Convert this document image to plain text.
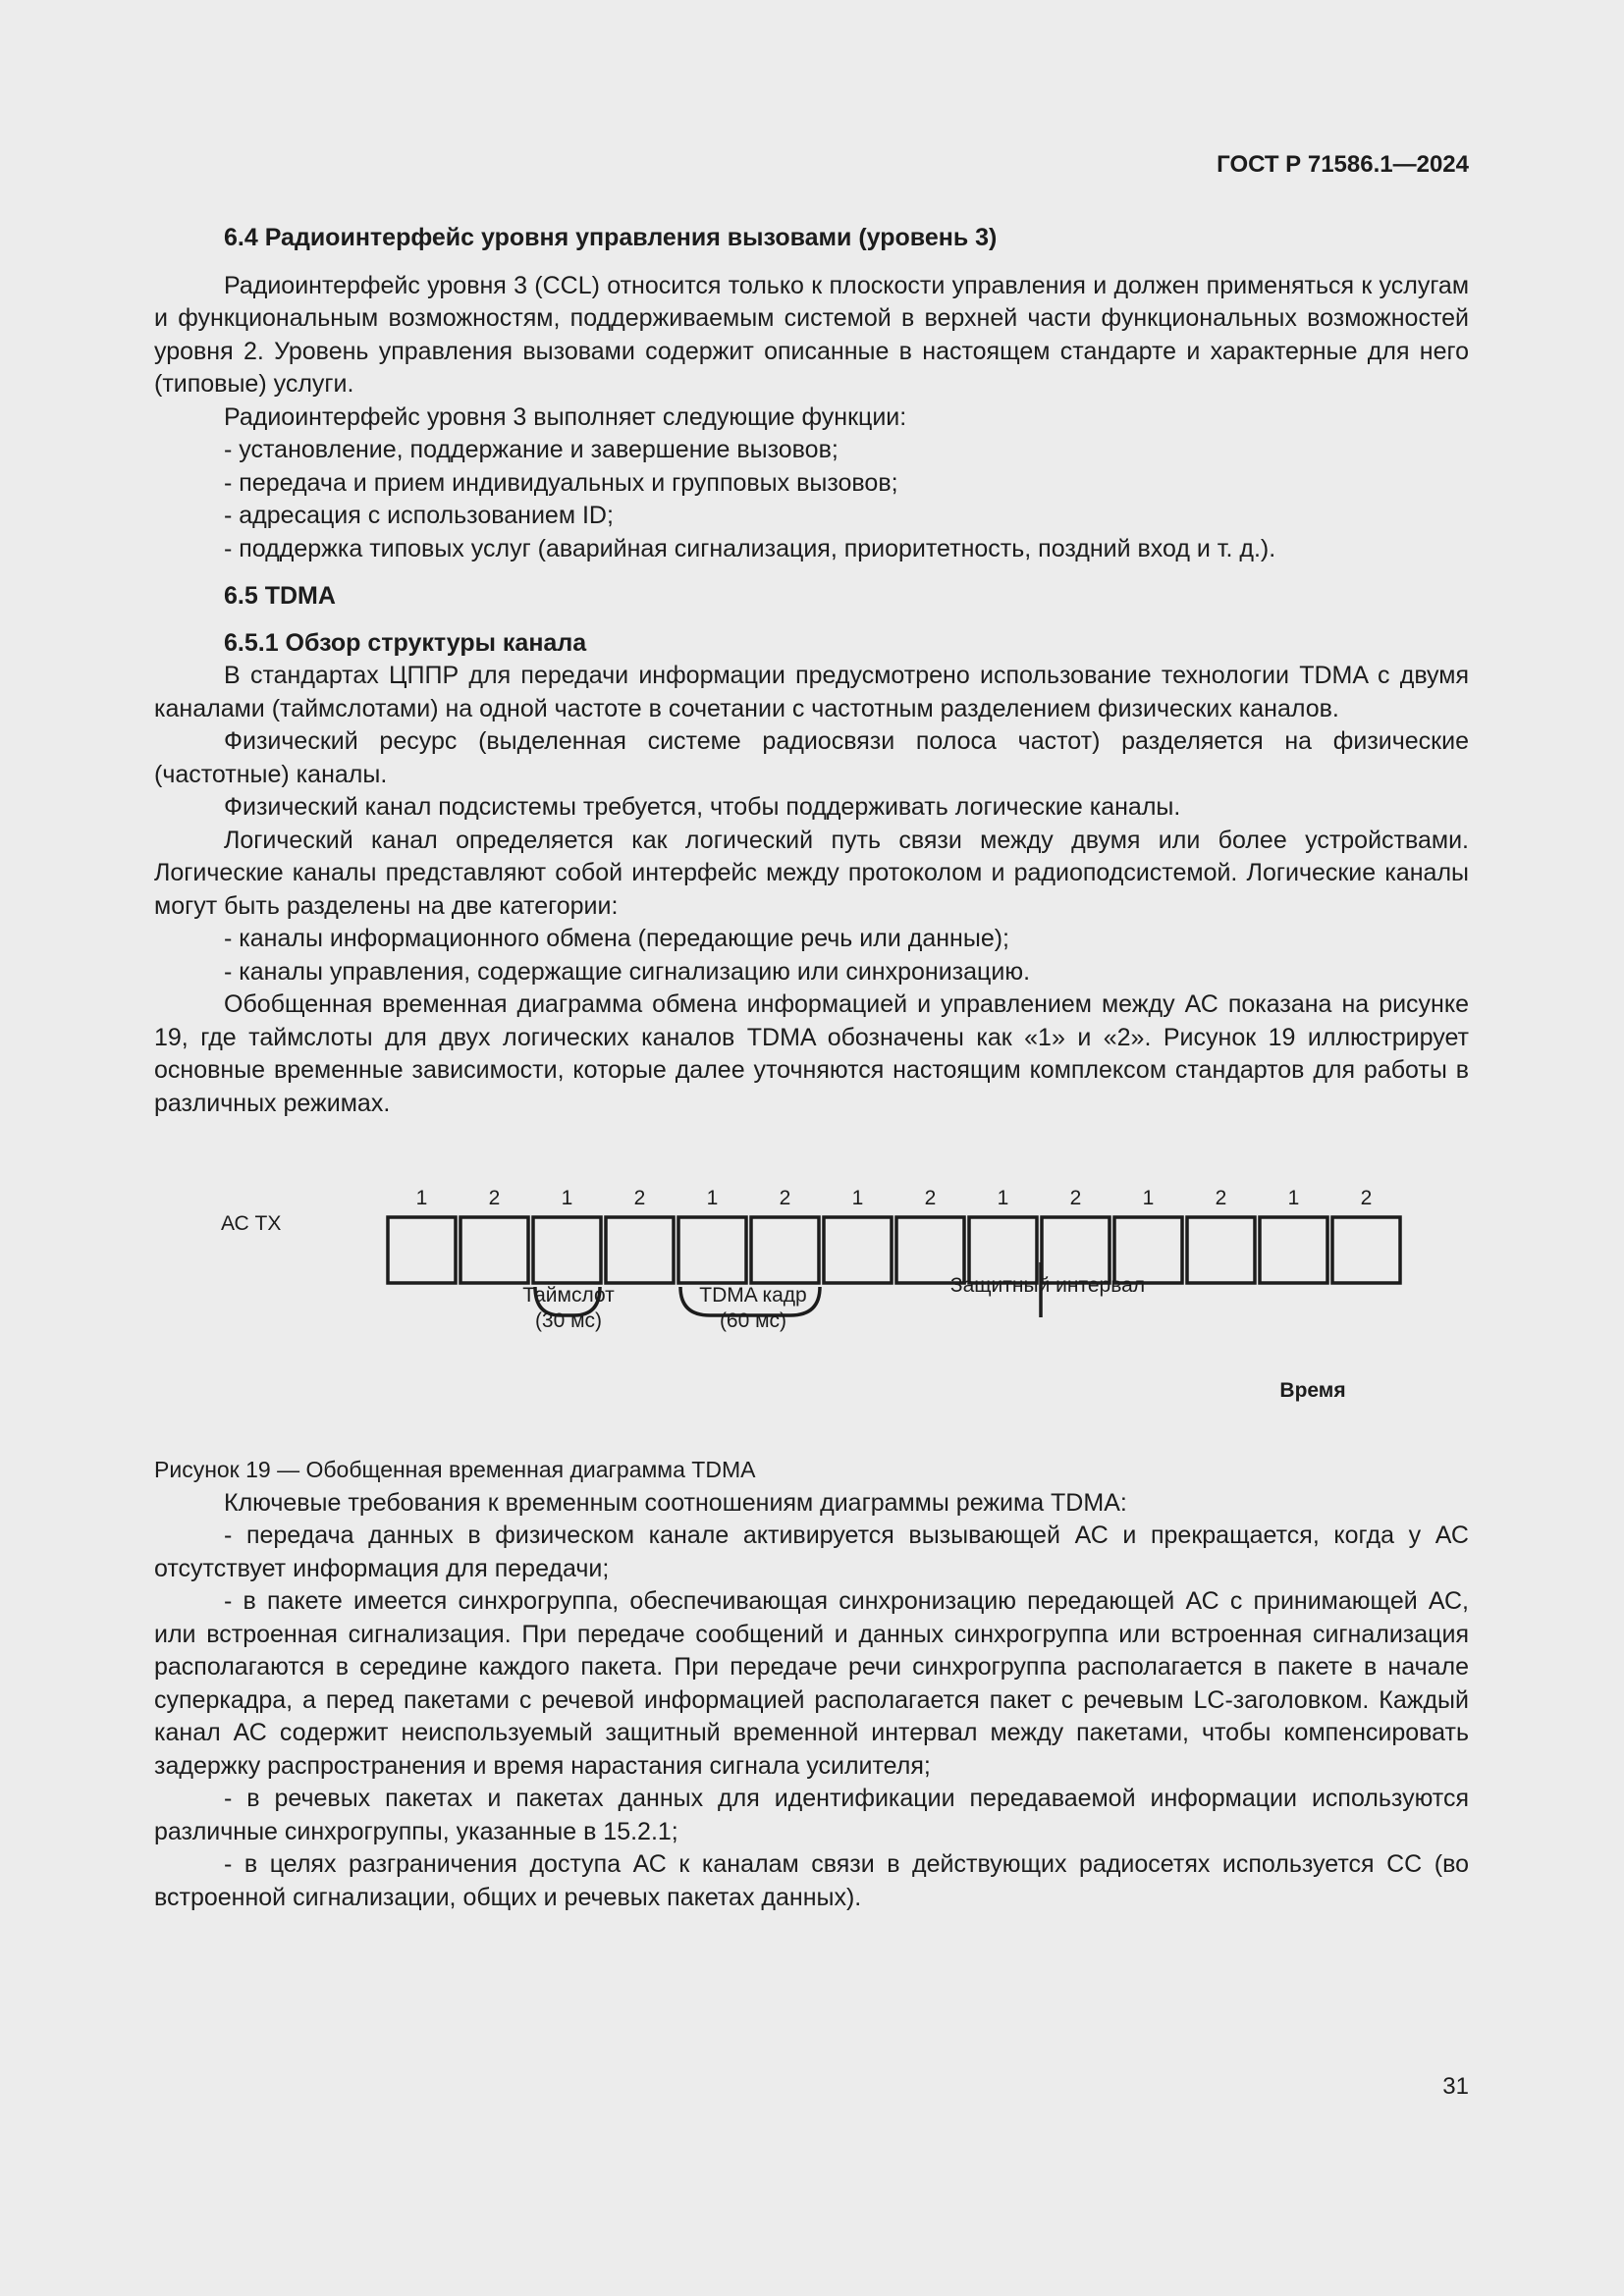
ГОСТ Р 71586.1—2024
6.4 Радиоинтерфейс уровня управления вызовами (уровень 3)

Радиоинтерфейс уровня 3 (CCL) относится только к плоскости управления и должен применяться к услугам и функциональным возможностям, поддерживаемым системой в верхней части функциональных возможностей уровня 2. Уровень управления вызовами содержит описанные в настоящем стандарте и характерные для него (типовые) услуги.

Радиоинтерфейс уровня 3 выполняет следующие функции:

- установление, поддержание и завершение вызовов;

- передача и прием индивидуальных и групповых вызовов;

- адресация с использованием ID;

- поддержка типовых услуг (аварийная сигнализация, приоритетность, поздний вход и т. д.).

6.5 TDMA
6.5.1 Обзор структуры канала

В стандартах ЦППР для передачи информации предусмотрено использование технологии TDMA с двумя каналами (таймслотами) на одной частоте в сочетании с частотным разделением физических каналов.

Физический ресурс (выделенная системе радиосвязи полоса частот) разделяется на физические (частотные) каналы.

Физический канал подсистемы требуется, чтобы поддерживать логические каналы.

Логический канал определяется как логический путь связи между двумя или более устройствами. Логические каналы представляют собой интерфейс между протоколом и радиоподсистемой. Логические каналы могут быть разделены на две категории:

- каналы информационного обмена (передающие речь или данные);

- каналы управления, содержащие сигнализацию или синхронизацию.

Обобщенная временная диаграмма обмена информацией и управлением между АС показана на рисунке 19, где таймслоты для двух логических каналов TDMA обозначены как «1» и «2». Рисунок 19 иллюстрирует основные временные зависимости, которые далее уточняются настоящим комплексом стандартов для работы в различных режимах.

1	2	1	2	1	2	1	2	1	2	1	2	1	2
АС ТХ
Таймслот
(30 мс)
TDMA кадр
(60 мс)
Защитный интервал
Время

Рисунок 19 — Обобщенная временная диаграмма TDMA

Ключевые требования к временным соотношениям диаграммы режима TDMA:

- передача данных в физическом канале активируется вызывающей АС и прекращается, когда у АС отсутствует информация для передачи;

- в пакете имеется синхрогруппа, обеспечивающая синхронизацию передающей АС с принимающей АС, или встроенная сигнализация. При передаче сообщений и данных синхрогруппа или встроенная сигнализация располагаются в середине каждого пакета. При передаче речи синхрогруппа располагается в пакете в начале суперкадра, а перед пакетами с речевой информацией располагается пакет с речевым LC-заголовком. Каждый канал АС содержит неиспользуемый защитный временной интервал между пакетами, чтобы компенсировать задержку распространения и время нарастания сигнала усилителя;

- в речевых пакетах и пакетах данных для идентификации передаваемой информации используются различные синхрогруппы, указанные в 15.2.1;

- в целях разграничения доступа АС к каналам связи в действующих радиосетях используется СС (во встроенной сигнализации, общих и речевых пакетах данных).

31
